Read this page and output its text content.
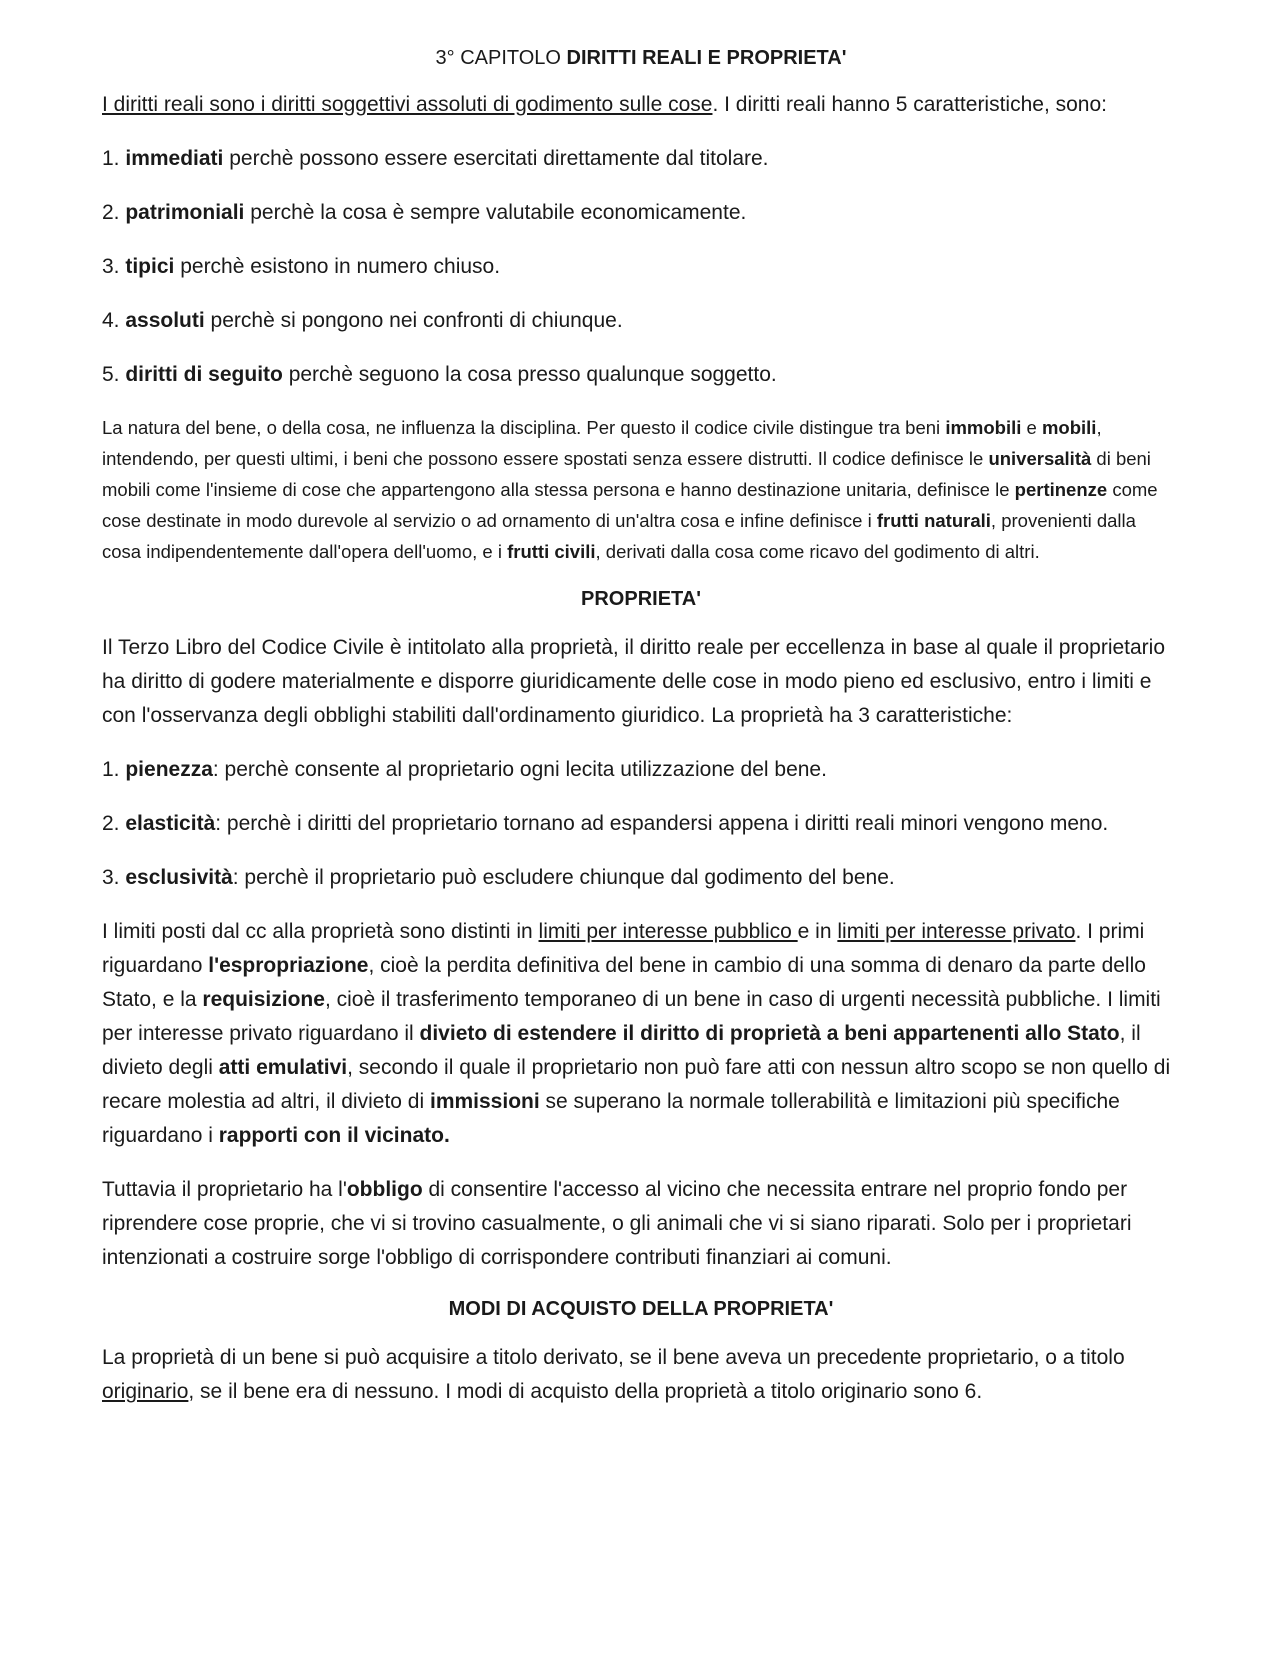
3° CAPITOLO DIRITTI REALI E PROPRIETA'

I diritti reali sono i diritti soggettivi assoluti di godimento sulle cose. I diritti reali hanno 5 caratteristiche, sono:

1. immediati perchè possono essere esercitati direttamente dal titolare.

2. patrimoniali perchè la cosa è sempre valutabile economicamente.

3. tipici perchè esistono in numero chiuso.

4. assoluti perchè si pongono nei confronti di chiunque.

5. diritti di seguito perchè seguono la cosa presso qualunque soggetto.

La natura del bene, o della cosa, ne influenza la disciplina. Per questo il codice civile distingue tra beni immobili e mobili, intendendo, per questi ultimi, i beni che possono essere spostati senza essere distrutti. Il codice definisce le universalità di beni mobili come l'insieme di cose che appartengono alla stessa persona e hanno destinazione unitaria, definisce le pertinenze come cose destinate in modo durevole al servizio o ad ornamento di un'altra cosa e infine definisce i frutti naturali, provenienti dalla cosa indipendentemente dall'opera dell'uomo, e i frutti civili, derivati dalla cosa come ricavo del godimento di altri.

PROPRIETA'

Il Terzo Libro del Codice Civile è intitolato alla proprietà, il diritto reale per eccellenza in base al quale il proprietario ha diritto di godere materialmente e disporre giuridicamente delle cose in modo pieno ed esclusivo, entro i limiti e con l'osservanza degli obblighi stabiliti dall'ordinamento giuridico. La proprietà ha 3 caratteristiche:

1. pienezza: perchè consente al proprietario ogni lecita utilizzazione del bene.

2. elasticità: perchè i diritti del proprietario tornano ad espandersi appena i diritti reali minori vengono meno.

3. esclusività: perchè il proprietario può escludere chiunque dal godimento del bene.

I limiti posti dal cc alla proprietà sono distinti in limiti per interesse pubblico e in limiti per interesse privato. I primi riguardano l'espropriazione, cioè la perdita definitiva del bene in cambio di una somma di denaro da parte dello Stato, e la requisizione, cioè il trasferimento temporaneo di un bene in caso di urgenti necessità pubbliche. I limiti per interesse privato riguardano il divieto di estendere il diritto di proprietà a beni appartenenti allo Stato, il divieto degli atti emulativi, secondo il quale il proprietario non può fare atti con nessun altro scopo se non quello di recare molestia ad altri, il divieto di immissioni se superano la normale tollerabilità e limitazioni più specifiche riguardano i rapporti con il vicinato.

Tuttavia il proprietario ha l'obbligo di consentire l'accesso al vicino che necessita entrare nel proprio fondo per riprendere cose proprie, che vi si trovino casualmente, o gli animali che vi si siano riparati. Solo per i proprietari intenzionati a costruire sorge l'obbligo di corrispondere contributi finanziari ai comuni.

MODI DI ACQUISTO DELLA PROPRIETA'

La proprietà di un bene si può acquisire a titolo derivato, se il bene aveva un precedente proprietario, o a titolo originario, se il bene era di nessuno. I modi di acquisto della proprietà a titolo originario sono 6.
